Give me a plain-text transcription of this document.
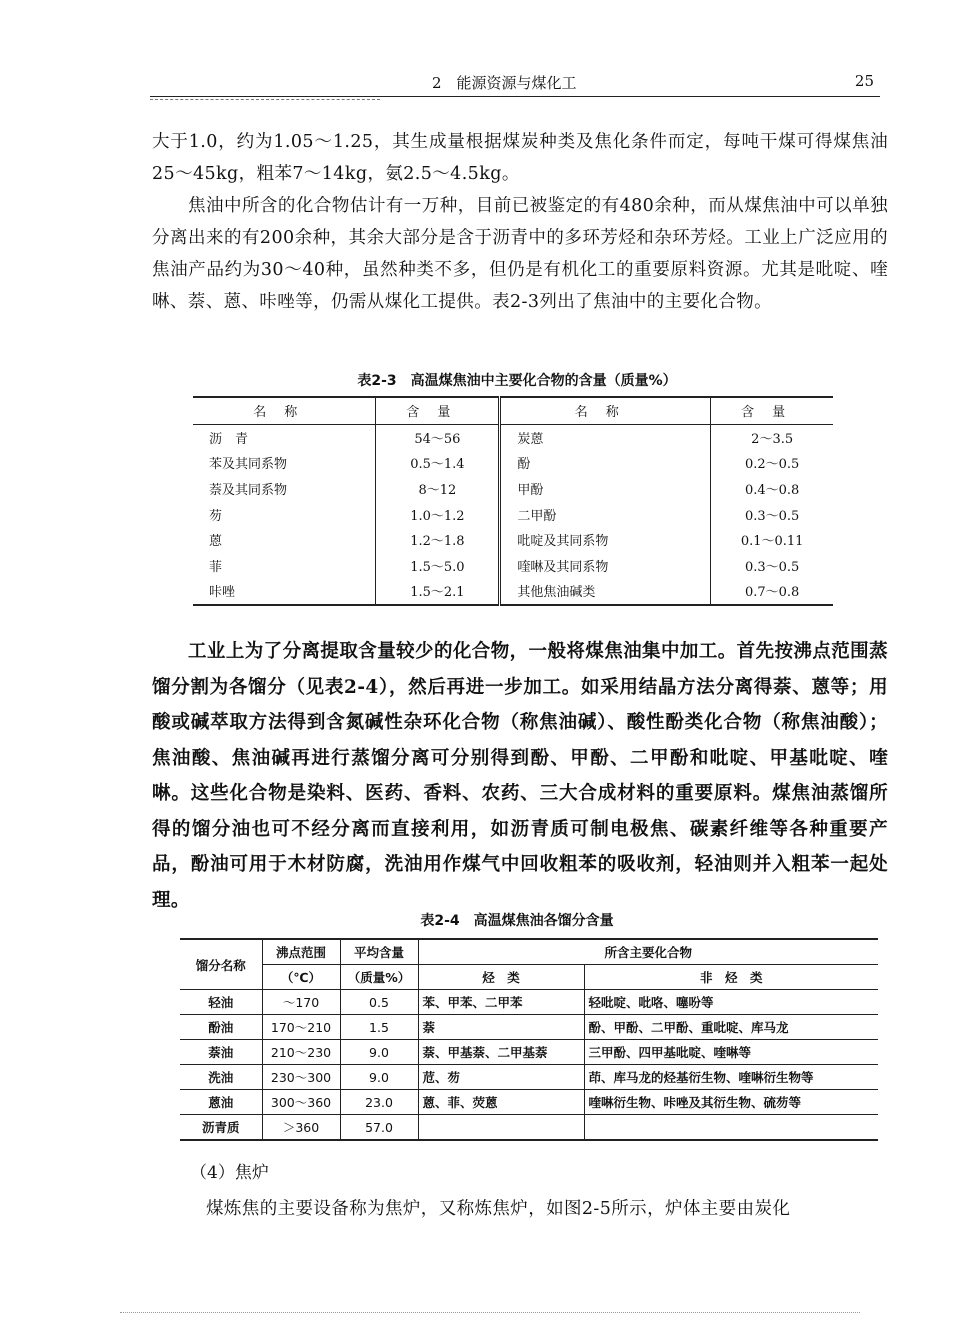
2　能源资源与煤化工	25

大于1.0，约为1.05～1.25，其生成量根据煤炭种类及焦化条件而定，每吨干煤可得煤焦油25～45kg，粗苯7～14kg，氨2.5～4.5kg。

焦油中所含的化合物估计有一万种，目前已被鉴定的有480余种，而从煤焦油中可以单独分离出来的有200余种，其余大部分是含于沥青中的多环芳烃和杂环芳烃。工业上广泛应用的焦油产品约为30～40种，虽然种类不多，但仍是有机化工的重要原料资源。尤其是吡啶、喹啉、萘、蒽、咔唑等，仍需从煤化工提供。表2-3列出了焦油中的主要化合物。

表2-3　高温煤焦油中主要化合物的含量（质量%）
名称	含量	名称	含量
沥　青	54～56	炭蒽	2～3.5
苯及其同系物	0.5～1.4	酚	0.2～0.5
萘及其同系物	8～12	甲酚	0.4～0.8
芴	1.0～1.2	二甲酚	0.3～0.5
蒽	1.2～1.8	吡啶及其同系物	0.1～0.11
菲	1.5～5.0	喹啉及其同系物	0.3～0.5
咔唑	1.5～2.1	其他焦油碱类	0.7～0.8

工业上为了分离提取含量较少的化合物，一般将煤焦油集中加工。首先按沸点范围蒸馏分割为各馏分（见表2-4），然后再进一步加工。如采用结晶方法分离得萘、蒽等；用酸或碱萃取方法得到含氮碱性杂环化合物（称焦油碱）、酸性酚类化合物（称焦油酸）；焦油酸、焦油碱再进行蒸馏分离可分别得到酚、甲酚、二甲酚和吡啶、甲基吡啶、喹啉。这些化合物是染料、医药、香料、农药、三大合成材料的重要原料。煤焦油蒸馏所得的馏分油也可不经分离而直接利用，如沥青质可制电极焦、碳素纤维等各种重要产品，酚油可用于木材防腐，洗油用作煤气中回收粗苯的吸收剂，轻油则并入粗苯一起处理。

表2-4　高温煤焦油各馏分含量
馏分名称	沸点范围	平均含量	所含主要化合物	
	（℃）	（质量%）	烃　类	非　烃　类
轻油	～170	0.5	苯、甲苯、二甲苯	轻吡啶、吡咯、噻吩等
酚油	170～210	1.5	萘	酚、甲酚、二甲酚、重吡啶、库马龙
萘油	210～230	9.0	萘、甲基萘、二甲基萘	三甲酚、四甲基吡啶、喹啉等
洗油	230～300	9.0	苊、芴	茚、库马龙的烃基衍生物、喹啉衍生物等
蒽油	300～360	23.0	蒽、菲、荧蒽	喹啉衍生物、咔唑及其衍生物、硫芴等
沥青质	＞360	57.0		
（4）焦炉

煤炼焦的主要设备称为焦炉，又称炼焦炉，如图2-5所示，炉体主要由炭化
